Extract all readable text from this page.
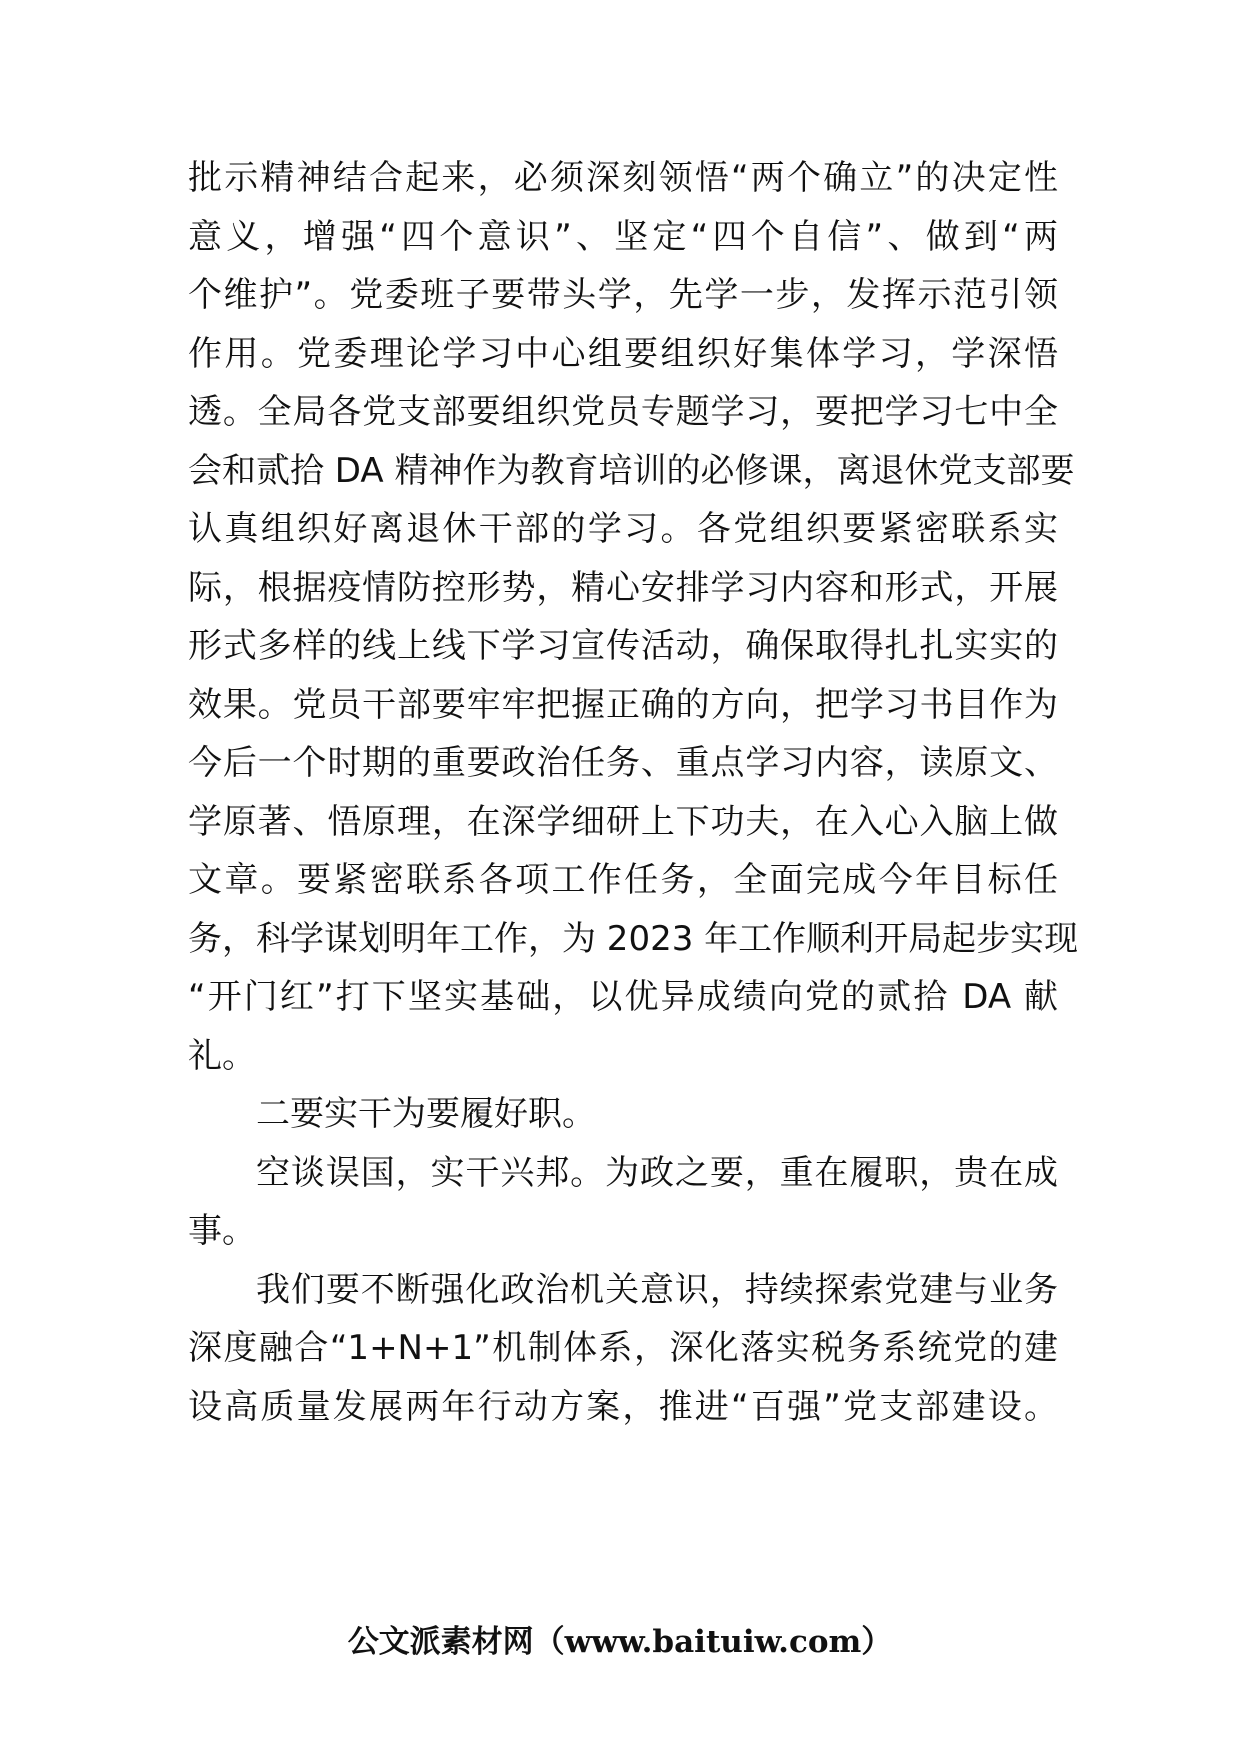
批示精神结合起来，必须深刻领悟“两个确立”的决定性
意义，增强“四个意识”、坚定“四个自信”、做到“两
个维护”。党委班子要带头学，先学一步，发挥示范引领
作用。党委理论学习中心组要组织好集体学习，学深悟
透。全局各党支部要组织党员专题学习，要把学习七中全
会和贰拾 DA 精神作为教育培训的必修课，离退休党支部要
认真组织好离退休干部的学习。各党组织要紧密联系实
际，根据疫情防控形势，精心安排学习内容和形式，开展
形式多样的线上线下学习宣传活动，确保取得扎扎实实的
效果。党员干部要牢牢把握正确的方向，把学习书目作为
今后一个时期的重要政治任务、重点学习内容，读原文、
学原著、悟原理，在深学细研上下功夫，在入心入脑上做
文章。要紧密联系各项工作任务，全面完成今年目标任
务，科学谋划明年工作，为 2023 年工作顺利开局起步实现
“开门红”打下坚实基础，以优异成绩向党的贰拾 DA 献
礼。
二要实干为要履好职。
空谈误国，实干兴邦。为政之要，重在履职，贵在成
事。
我们要不断强化政治机关意识，持续探索党建与业务
深度融合“1+N+1”机制体系，深化落实税务系统党的建
设高质量发展两年行动方案，推进“百强”党支部建设。
公文派素材网（www.baituiw.com）
